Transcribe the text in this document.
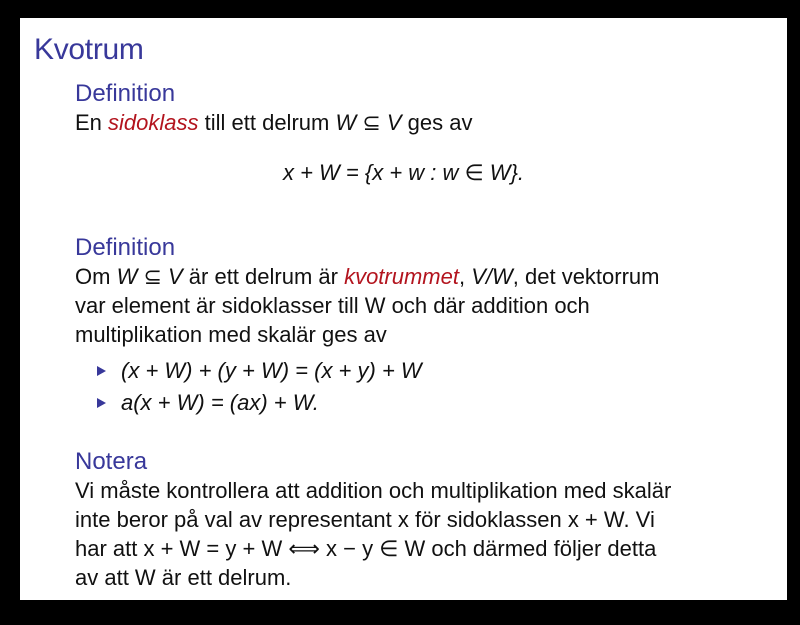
Kvotrum

Definition

En sidoklass till ett delrum W ⊆ V ges av

x + W = {x + w : w ∈ W}.

Definition

Om W ⊆ V är ett delrum är kvotrummet, V/W, det vektorrum

var element är sidoklasser till W och där addition och

multiplikation med skalär ges av

(x + W) + (y + W) = (x + y) + W
a(x + W) = (ax) + W.

Notera

Vi måste kontrollera att addition och multiplikation med skalär

inte beror på val av representant x för sidoklassen x + W. Vi

har att x + W = y + W ⟺ x − y ∈ W och därmed följer detta

av att W är ett delrum.
